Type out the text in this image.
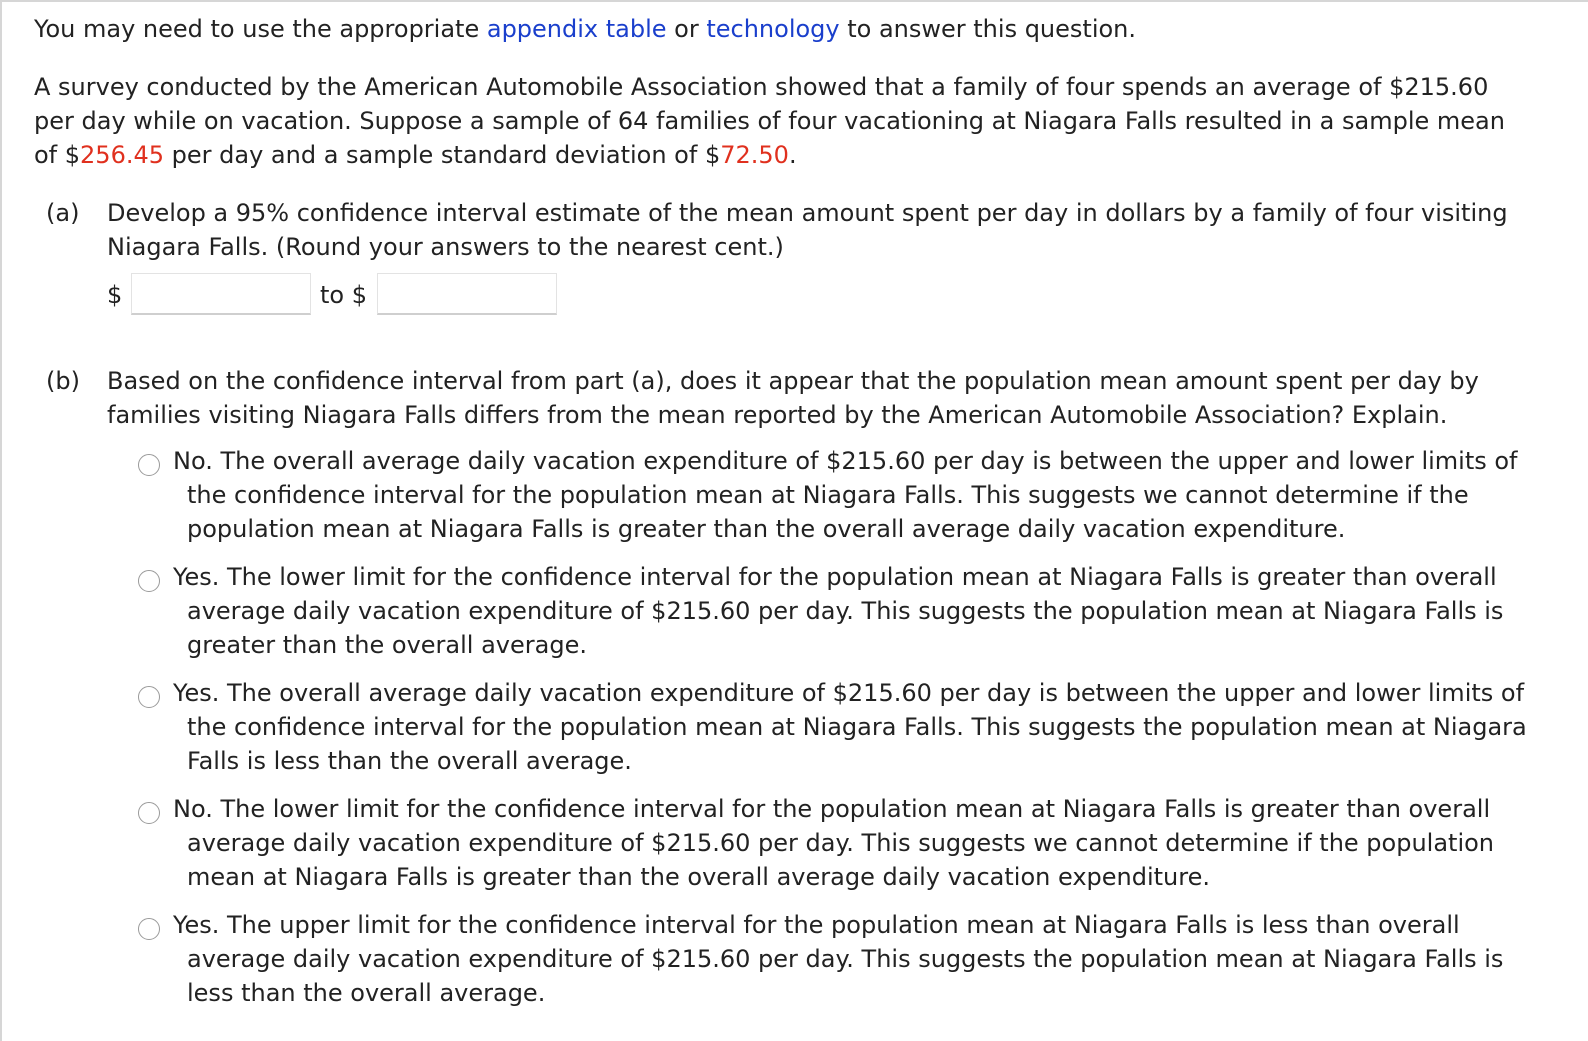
You may need to use the appropriate appendix table or technology to answer this question.
A survey conducted by the American Automobile Association showed that a family of four spends an average of $215.60
per day while on vacation. Suppose a sample of 64 families of four vacationing at Niagara Falls resulted in a sample mean
of $256.45 per day and a sample standard deviation of $72.50.
(a) Develop a 95% confidence interval estimate of the mean amount spent per day in dollars by a family of four visiting
Niagara Falls. (Round your answers to the nearest cent.)
$	to $
(b) Based on the confidence interval from part (a), does it appear that the population mean amount spent per day by
families visiting Niagara Falls differs from the mean reported by the American Automobile Association? Explain.
No. The overall average daily vacation expenditure of $215.60 per day is between the upper and lower limits of
the confidence interval for the population mean at Niagara Falls. This suggests we cannot determine if the
population mean at Niagara Falls is greater than the overall average daily vacation expenditure.
Yes. The lower limit for the confidence interval for the population mean at Niagara Falls is greater than overall
average daily vacation expenditure of $215.60 per day. This suggests the population mean at Niagara Falls is
greater than the overall average.
Yes. The overall average daily vacation expenditure of $215.60 per day is between the upper and lower limits of
the confidence interval for the population mean at Niagara Falls. This suggests the population mean at Niagara
Falls is less than the overall average.
No. The lower limit for the confidence interval for the population mean at Niagara Falls is greater than overall
average daily vacation expenditure of $215.60 per day. This suggests we cannot determine if the population
mean at Niagara Falls is greater than the overall average daily vacation expenditure.
Yes. The upper limit for the confidence interval for the population mean at Niagara Falls is less than overall
average daily vacation expenditure of $215.60 per day. This suggests the population mean at Niagara Falls is
less than the overall average.
